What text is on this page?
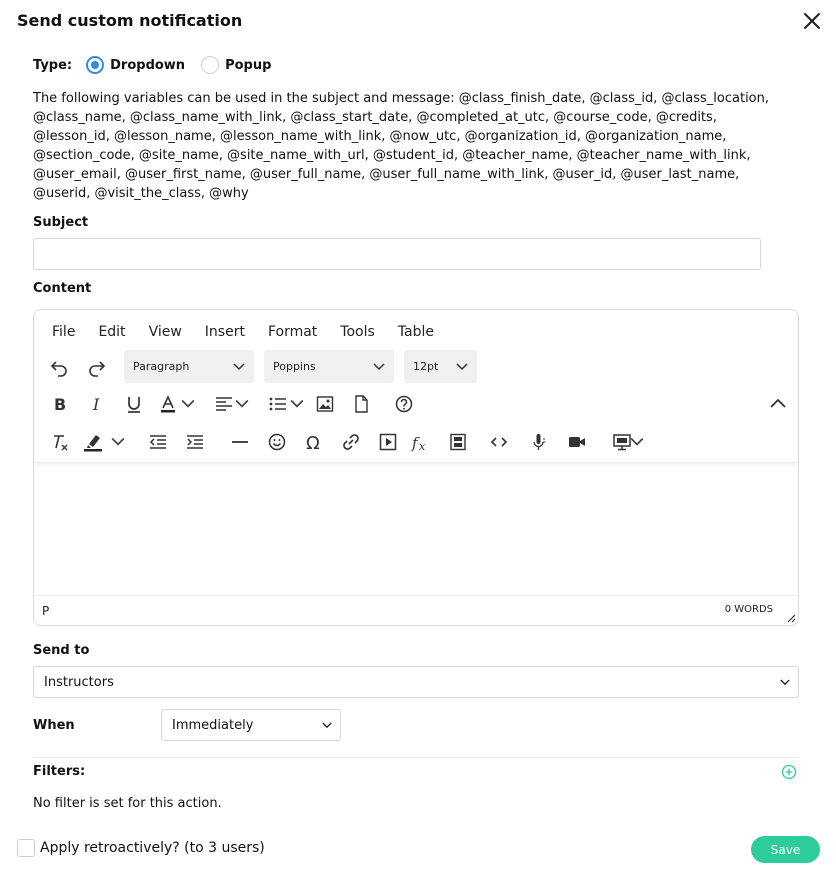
Send custom notification
Type:	Dropdown	Popup
The following variables can be used in the subject and message: @class_finish_date, @class_id, @class_location, @class_name, @class_name_with_link, @class_start_date, @completed_at_utc, @course_code, @credits, @lesson_id, @lesson_name, @lesson_name_with_link, @now_utc, @organization_id, @organization_name, @section_code, @site_name, @site_name_with_url, @student_id, @teacher_name, @teacher_name_with_link, @user_email, @user_first_name, @user_full_name, @user_full_name_with_link, @user_id, @user_last_name, @userid, @visit_the_class, @why
Subject
Content
File Edit View Insert Format Tools Table
Paragraph	Poppins	12pt
B I
Ω	f x
P	0 WORDS
Send to
Instructors
When	Immediately
Filters:
No filter is set for this action.
Apply retroactively? (to 3 users)	Save
